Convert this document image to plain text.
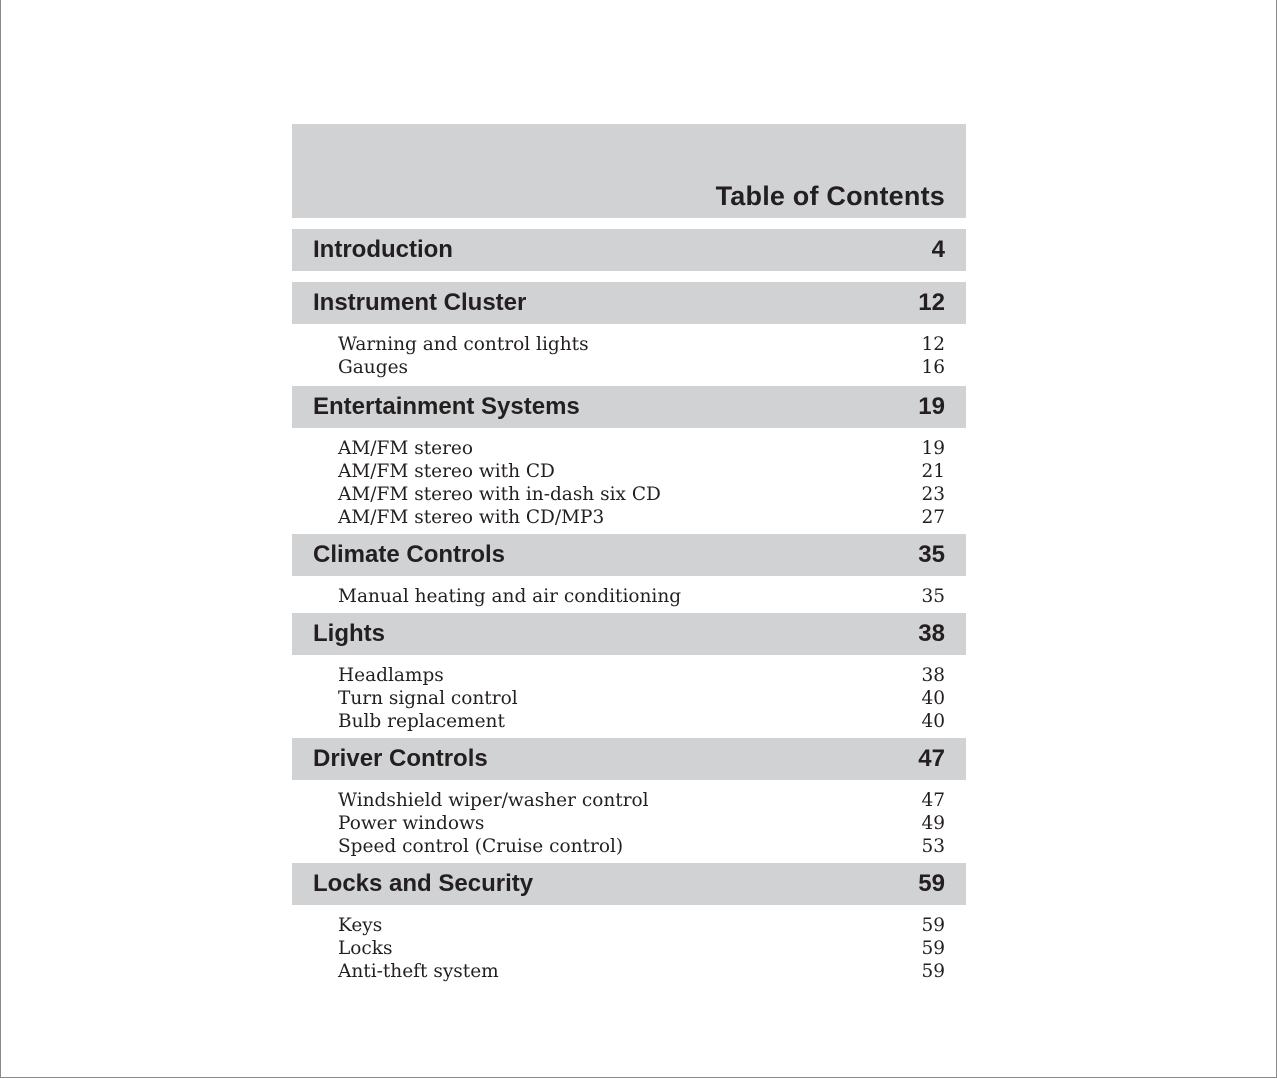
Table of Contents
Introduction	4
Instrument Cluster	12
Warning and control lights	12
Gauges	16
Entertainment Systems	19
AM/FM stereo	19
AM/FM stereo with CD	21
AM/FM stereo with in-dash six CD	23
AM/FM stereo with CD/MP3	27
Climate Controls	35
Manual heating and air conditioning	35
Lights	38
Headlamps	38
Turn signal control	40
Bulb replacement	40
Driver Controls	47
Windshield wiper/washer control	47
Power windows	49
Speed control (Cruise control)	53
Locks and Security	59
Keys	59
Locks	59
Anti-theft system	59
